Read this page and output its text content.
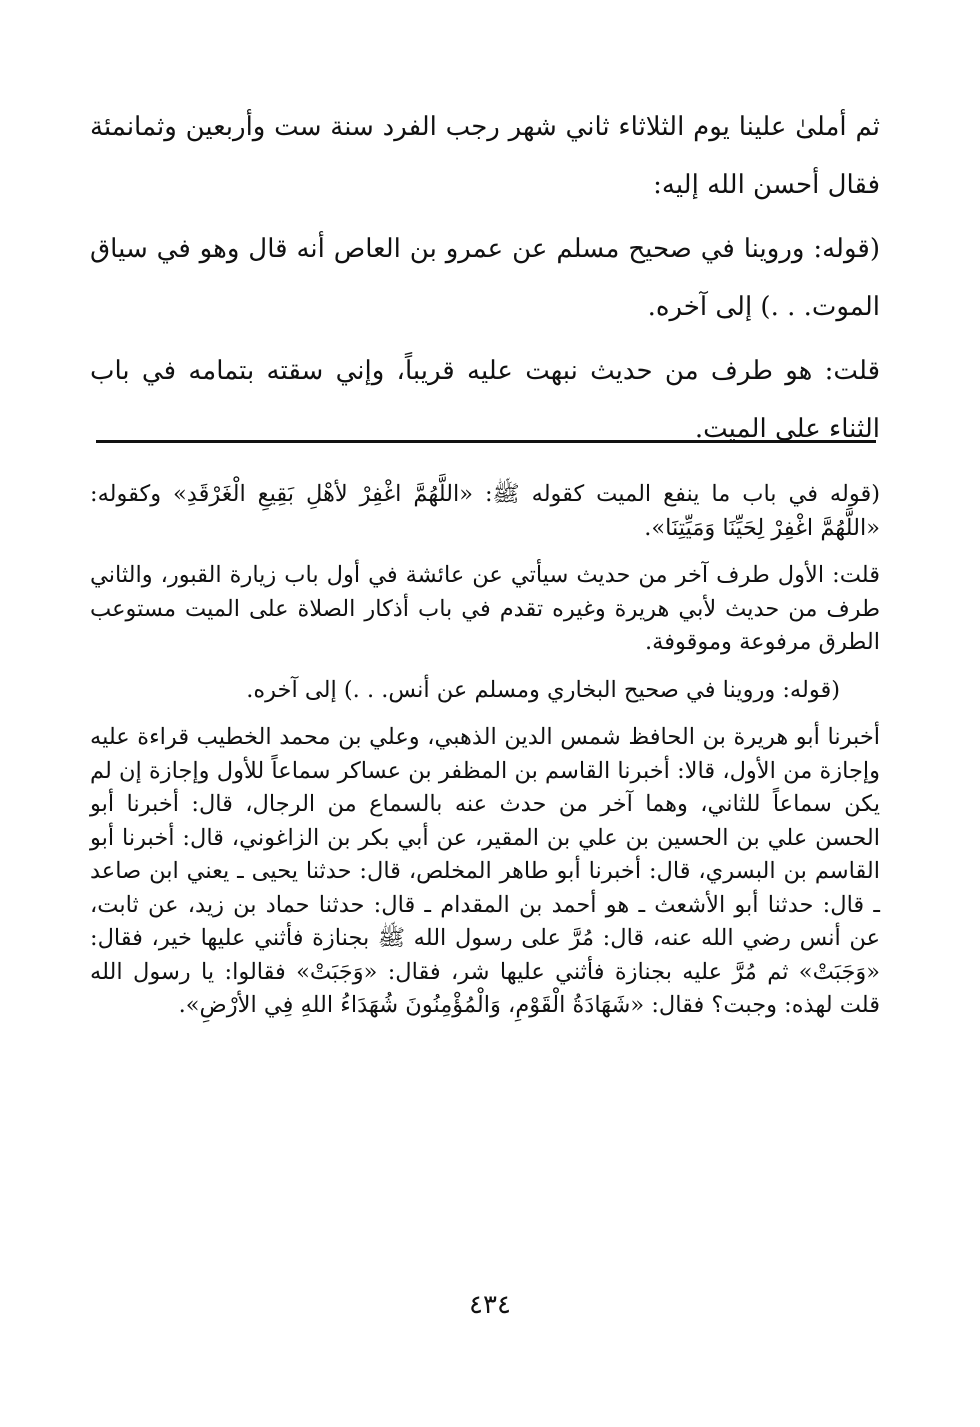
ثم أملىٰ علينا يوم الثلاثاء ثاني شهر رجب الفرد سنة ست وأربعين وثمانمئة فقال أحسن الله إليه:

(قوله: وروينا في صحيح مسلم عن عمرو بن العاص أنه قال وهو في سياق الموت. . .) إلى آخره.

قلت: هو طرف من حديث نبهت عليه قريباً، وإني سقته بتمامه في باب الثناء على الميت.

(قوله في باب ما ينفع الميت كقوله ﷺ: «اللَّهُمَّ اغْفِرْ لأهْلِ بَقِيعِ الْغَرْقَدِ» وكقوله: «اللَّهُمَّ اغْفِرْ لِحَيِّنَا وَمَيِّتِنَا».

قلت: الأول طرف آخر من حديث سيأتي عن عائشة في أول باب زيارة القبور، والثاني طرف من حديث لأبي هريرة وغيره تقدم في باب أذكار الصلاة على الميت مستوعب الطرق مرفوعة وموقوفة.

(قوله: وروينا في صحيح البخاري ومسلم عن أنس. . .) إلى آخره.

أخبرنا أبو هريرة بن الحافظ شمس الدين الذهبي، وعلي بن محمد الخطيب قراءة عليه وإجازة من الأول، قالا: أخبرنا القاسم بن المظفر بن عساكر سماعاً للأول وإجازة إن لم يكن سماعاً للثاني، وهما آخر من حدث عنه بالسماع من الرجال، قال: أخبرنا أبو الحسن علي بن الحسين بن علي بن المقير، عن أبي بكر بن الزاغوني، قال: أخبرنا أبو القاسم بن البسري، قال: أخبرنا أبو طاهر المخلص، قال: حدثنا يحيى ـ يعني ابن صاعد ـ قال: حدثنا أبو الأشعث ـ هو أحمد بن المقدام ـ قال: حدثنا حماد بن زيد، عن ثابت، عن أنس رضي الله عنه، قال: مُرَّ على رسول الله ﷺ بجنازة فأثني عليها خير، فقال: «وَجَبَتْ» ثم مُرَّ عليه بجنازة فأثني عليها شر، فقال: «وَجَبَتْ» فقالوا: يا رسول الله قلت لهذه: وجبت؟ فقال: «شَهَادَةُ الْقَوْمِ، وَالْمُؤْمِنُونَ شُهَدَاءُ اللهِ فِي الأرْضِ».

٤٣٤
